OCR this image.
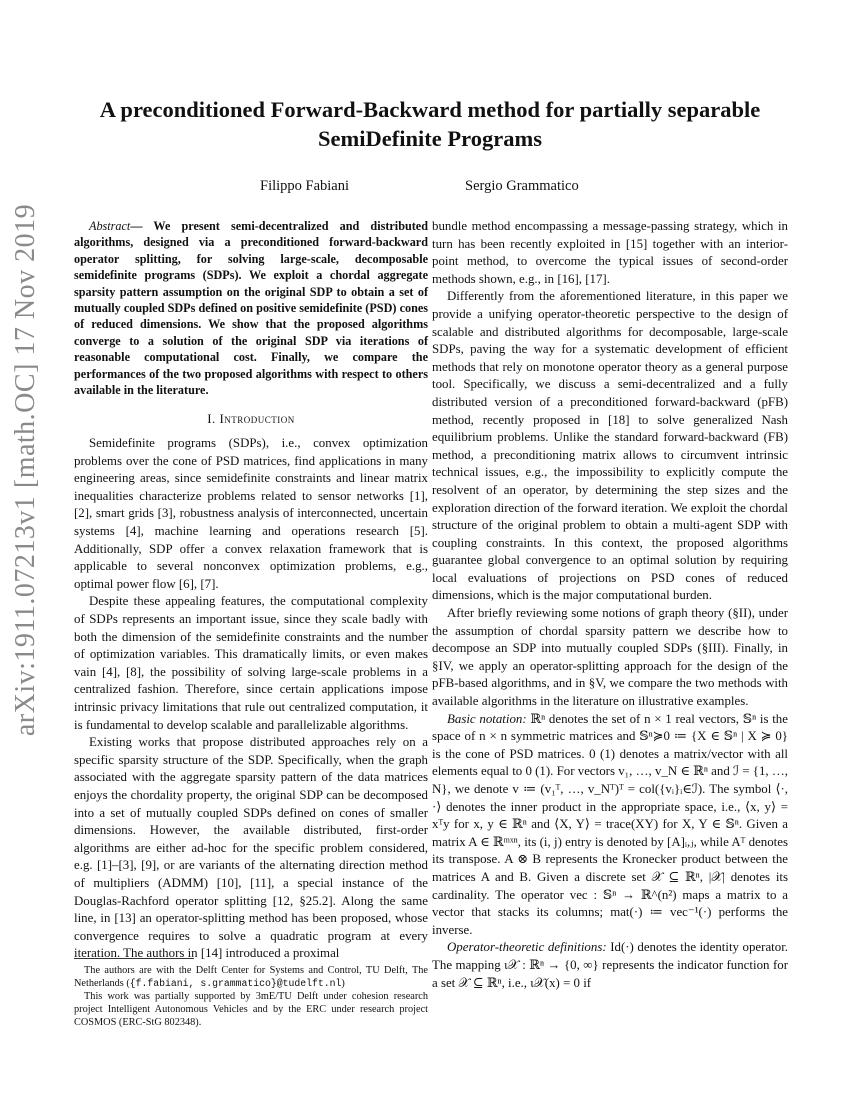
arXiv:1911.07213v1 [math.OC] 17 Nov 2019
A preconditioned Forward-Backward method for partially separable
SemiDefinite Programs
Filippo Fabiani	Sergio Grammatico

Abstract— We present semi-decentralized and distributed algorithms, designed via a preconditioned forward-backward operator splitting, for solving large-scale, decomposable semidefinite programs (SDPs). We exploit a chordal aggregate sparsity pattern assumption on the original SDP to obtain a set of mutually coupled SDPs defined on positive semidefinite (PSD) cones of reduced dimensions. We show that the proposed algorithms converge to a solution of the original SDP via iterations of reasonable computational cost. Finally, we compare the performances of the two proposed algorithms with respect to others available in the literature.

I. Introduction

Semidefinite programs (SDPs), i.e., convex optimization problems over the cone of PSD matrices, find applications in many engineering areas, since semidefinite constraints and linear matrix inequalities characterize problems related to sensor networks [1], [2], smart grids [3], robustness analysis of interconnected, uncertain systems [4], machine learning and operations research [5]. Additionally, SDP offer a convex relaxation framework that is applicable to several nonconvex optimization problems, e.g., optimal power flow [6], [7].

Despite these appealing features, the computational complexity of SDPs represents an important issue, since they scale badly with both the dimension of the semidefinite constraints and the number of optimization variables. This dramatically limits, or even makes vain [4], [8], the possibility of solving large-scale problems in a centralized fashion. Therefore, since certain applications impose intrinsic privacy limitations that rule out centralized computation, it is fundamental to develop scalable and parallelizable algorithms.

Existing works that propose distributed approaches rely on a specific sparsity structure of the SDP. Specifically, when the graph associated with the aggregate sparsity pattern of the data matrices enjoys the chordality property, the original SDP can be decomposed into a set of mutually coupled SDPs defined on cones of smaller dimensions. However, the available distributed, first-order algorithms are either ad-hoc for the specific problem considered, e.g. [1]–[3], [9], or are variants of the alternating direction method of multipliers (ADMM) [10], [11], a special instance of the Douglas-Rachford operator splitting [12, §25.2]. Along the same line, in [13] an operator-splitting method has been proposed, whose convergence requires to solve a quadratic program at every iteration. The authors in [14] introduced a proximal

The authors are with the Delft Center for Systems and Control, TU Delft, The Netherlands ({f.fabiani, s.grammatico}@tudelft.nl)

This work was partially supported by 3mE/TU Delft under cohesion research project Intelligent Autonomous Vehicles and by the ERC under research project COSMOS (ERC-StG 802348).

bundle method encompassing a message-passing strategy, which in turn has been recently exploited in [15] together with an interior-point method, to overcome the typical issues of second-order methods shown, e.g., in [16], [17].

Differently from the aforementioned literature, in this paper we provide a unifying operator-theoretic perspective to the design of scalable and distributed algorithms for decomposable, large-scale SDPs, paving the way for a systematic development of efficient methods that rely on monotone operator theory as a general purpose tool. Specifically, we discuss a semi-decentralized and a fully distributed version of a preconditioned forward-backward (pFB) method, recently proposed in [18] to solve generalized Nash equilibrium problems. Unlike the standard forward-backward (FB) method, a preconditioning matrix allows to circumvent intrinsic technical issues, e.g., the impossibility to explicitly compute the resolvent of an operator, by determining the step sizes and the exploration direction of the forward iteration. We exploit the chordal structure of the original problem to obtain a multi-agent SDP with coupling constraints. In this context, the proposed algorithms guarantee global convergence to an optimal solution by requiring local evaluations of projections on PSD cones of reduced dimensions, which is the major computational burden.

After briefly reviewing some notions of graph theory (§II), under the assumption of chordal sparsity pattern we describe how to decompose an SDP into mutually coupled SDPs (§III). Finally, in §IV, we apply an operator-splitting approach for the design of the pFB-based algorithms, and in §V, we compare the two methods with available algorithms in the literature on illustrative examples.

Basic notation: ℝⁿ denotes the set of n × 1 real vectors, 𝕊ⁿ is the space of n × n symmetric matrices and 𝕊ⁿ≽0 ≔ {X ∈ 𝕊ⁿ | X ≽ 0} is the cone of PSD matrices. 0 (1) denotes a matrix/vector with all elements equal to 0 (1). For vectors v₁, …, v_N ∈ ℝⁿ and ℐ = {1, …, N}, we denote v ≔ (v₁ᵀ, …, v_Nᵀ)ᵀ = col({vᵢ}ᵢ∈ℐ). The symbol ⟨·, ·⟩ denotes the inner product in the appropriate space, i.e., ⟨x, y⟩ = xᵀy for x, y ∈ ℝⁿ and ⟨X, Y⟩ = trace(XY) for X, Y ∈ 𝕊ⁿ. Given a matrix A ∈ ℝᵐˣⁿ, its (i, j) entry is denoted by [A]ᵢ,ⱼ, while Aᵀ denotes its transpose. A ⊗ B represents the Kronecker product between the matrices A and B. Given a discrete set 𝒳 ⊆ ℝⁿ, |𝒳| denotes its cardinality. The operator vec : 𝕊ⁿ → ℝ^(n²) maps a matrix to a vector that stacks its columns; mat(·) ≔ vec⁻¹(·) performs the inverse.

Operator-theoretic definitions: Id(·) denotes the identity operator. The mapping ι𝒳 : ℝⁿ → {0, ∞} represents the indicator function for a set 𝒳 ⊆ ℝⁿ, i.e., ι𝒳(x) = 0 if
